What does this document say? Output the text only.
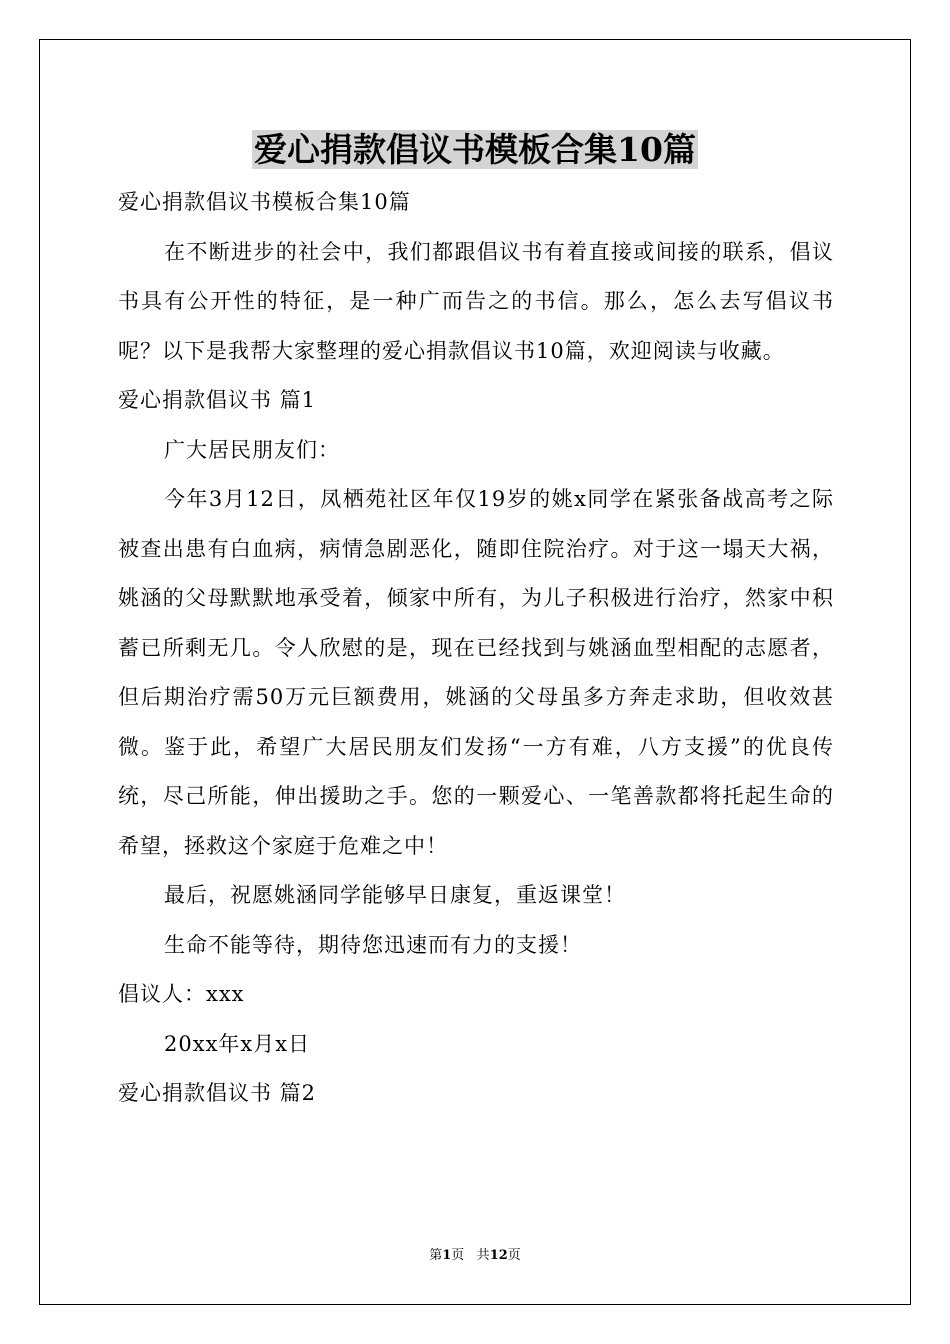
爱心捐款倡议书模板合集10篇

爱心捐款倡议书模板合集10篇

在不断进步的社会中，我们都跟倡议书有着直接或间接的联系，倡议书具有公开性的特征，是一种广而告之的书信。那么，怎么去写倡议书呢？以下是我帮大家整理的爱心捐款倡议书10篇，欢迎阅读与收藏。

爱心捐款倡议书 篇1

广大居民朋友们：

今年3月12日，凤栖苑社区年仅19岁的姚x同学在紧张备战高考之际被查出患有白血病，病情急剧恶化，随即住院治疗。对于这一塌天大祸，姚涵的父母默默地承受着，倾家中所有，为儿子积极进行治疗，然家中积蓄已所剩无几。令人欣慰的是，现在已经找到与姚涵血型相配的志愿者，但后期治疗需50万元巨额费用，姚涵的父母虽多方奔走求助，但收效甚微。鉴于此，希望广大居民朋友们发扬“一方有难，八方支援”的优良传统，尽己所能，伸出援助之手。您的一颗爱心、一笔善款都将托起生命的希望，拯救这个家庭于危难之中！

最后，祝愿姚涵同学能够早日康复，重返课堂！

生命不能等待，期待您迅速而有力的支援！

倡议人：xxx

20xx年x月x日

爱心捐款倡议书 篇2

第1页 共12页
